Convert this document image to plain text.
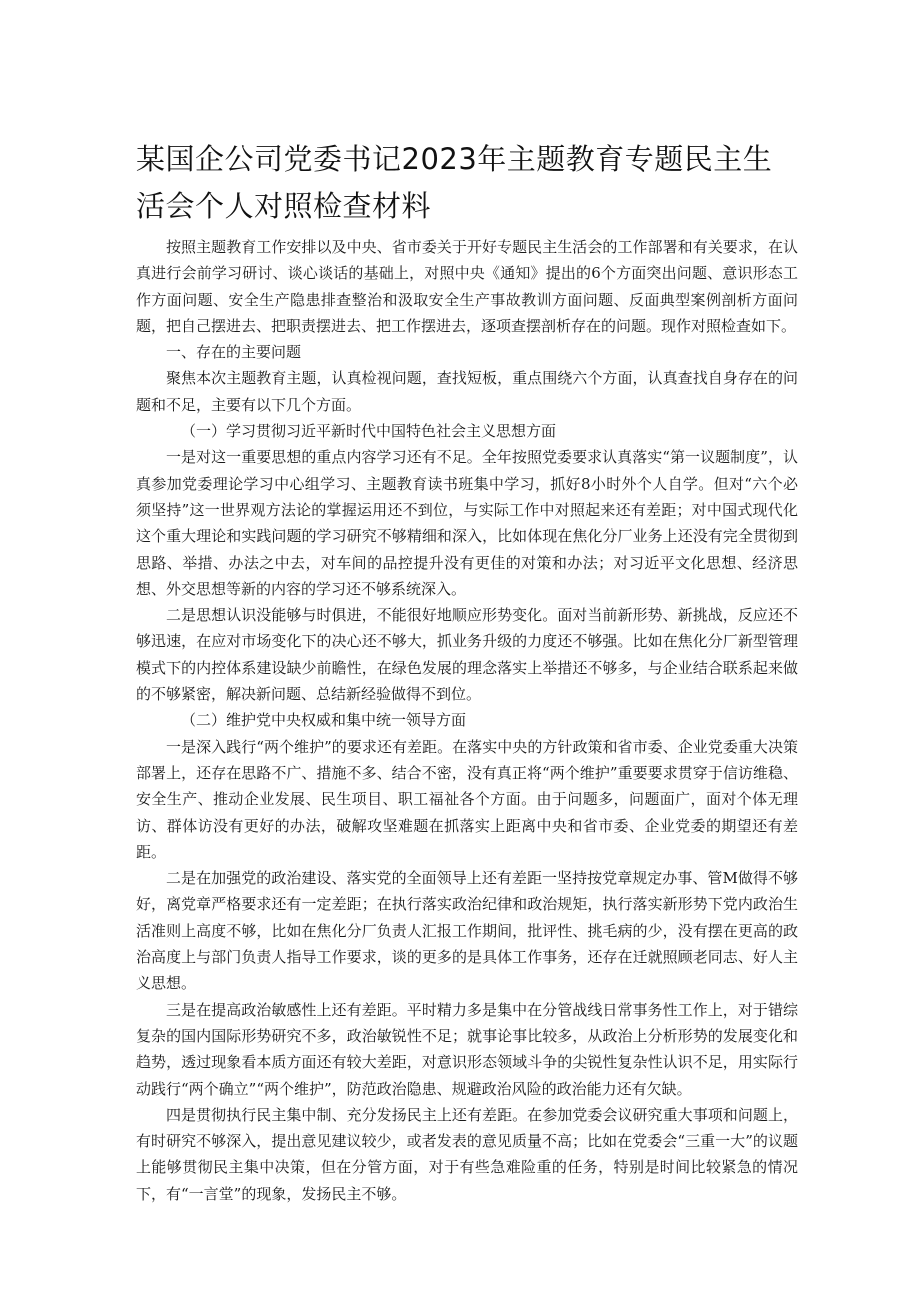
某国企公司党委书记2023年主题教育专题民主生活会个人对照检查材料

按照主题教育工作安排以及中央、省市委关于开好专题民主生活会的工作部署和有关要求，在认真进行会前学习研讨、谈心谈话的基础上，对照中央《通知》提出的6个方面突出问题、意识形态工作方面问题、安全生产隐患排查整治和汲取安全生产事故教训方面问题、反面典型案例剖析方面问题，把自己摆进去、把职责摆进去、把工作摆进去，逐项查摆剖析存在的问题。现作对照检查如下。

一、存在的主要问题

聚焦本次主题教育主题，认真检视问题，查找短板，重点围绕六个方面，认真查找自身存在的问题和不足，主要有以下几个方面。

（一）学习贯彻习近平新时代中国特色社会主义思想方面

一是对这一重要思想的重点内容学习还有不足。全年按照党委要求认真落实“第一议题制度”，认真参加党委理论学习中心组学习、主题教育读书班集中学习，抓好8小时外个人自学。但对“六个必须坚持”这一世界观方法论的掌握运用还不到位，与实际工作中对照起来还有差距；对中国式现代化这个重大理论和实践问题的学习研究不够精细和深入，比如体现在焦化分厂业务上还没有完全贯彻到思路、举措、办法之中去，对车间的品控提升没有更佳的对策和办法；对习近平文化思想、经济思想、外交思想等新的内容的学习还不够系统深入。

二是思想认识没能够与时俱进，不能很好地顺应形势变化。面对当前新形势、新挑战，反应还不够迅速，在应对市场变化下的决心还不够大，抓业务升级的力度还不够强。比如在焦化分厂新型管理模式下的内控体系建设缺少前瞻性，在绿色发展的理念落实上举措还不够多，与企业结合联系起来做的不够紧密，解决新问题、总结新经验做得不到位。

（二）维护党中央权威和集中统一领导方面

一是深入践行“两个维护”的要求还有差距。在落实中央的方针政策和省市委、企业党委重大决策部署上，还存在思路不广、措施不多、结合不密，没有真正将“两个维护”重要要求贯穿于信访维稳、安全生产、推动企业发展、民生项目、职工福祉各个方面。由于问题多，问题面广，面对个体无理访、群体访没有更好的办法，破解攻坚难题在抓落实上距离中央和省市委、企业党委的期望还有差距。

二是在加强党的政治建设、落实党的全面领导上还有差距一坚持按党章规定办事、管M做得不够好，离党章严格要求还有一定差距；在执行落实政治纪律和政治规矩，执行落实新形势下党内政治生活准则上高度不够，比如在焦化分厂负责人汇报工作期间，批评性、挑毛病的少，没有摆在更高的政治高度上与部门负责人指导工作要求，谈的更多的是具体工作事务，还存在迁就照顾老同志、好人主义思想。

三是在提高政治敏感性上还有差距。平时精力多是集中在分管战线日常事务性工作上，对于错综复杂的国内国际形势研究不多，政治敏锐性不足；就事论事比较多，从政治上分析形势的发展变化和趋势，透过现象看本质方面还有较大差距，对意识形态领域斗争的尖锐性复杂性认识不足，用实际行动践行“两个确立”“两个维护”，防范政治隐患、规避政治风险的政治能力还有欠缺。

四是贯彻执行民主集中制、充分发扬民主上还有差距。在参加党委会议研究重大事项和问题上，有时研究不够深入，提出意见建议较少，或者发表的意见质量不高；比如在党委会“三重一大”的议题上能够贯彻民主集中决策，但在分管方面，对于有些急难险重的任务，特别是时间比较紧急的情况下，有“一言堂”的现象，发扬民主不够。
